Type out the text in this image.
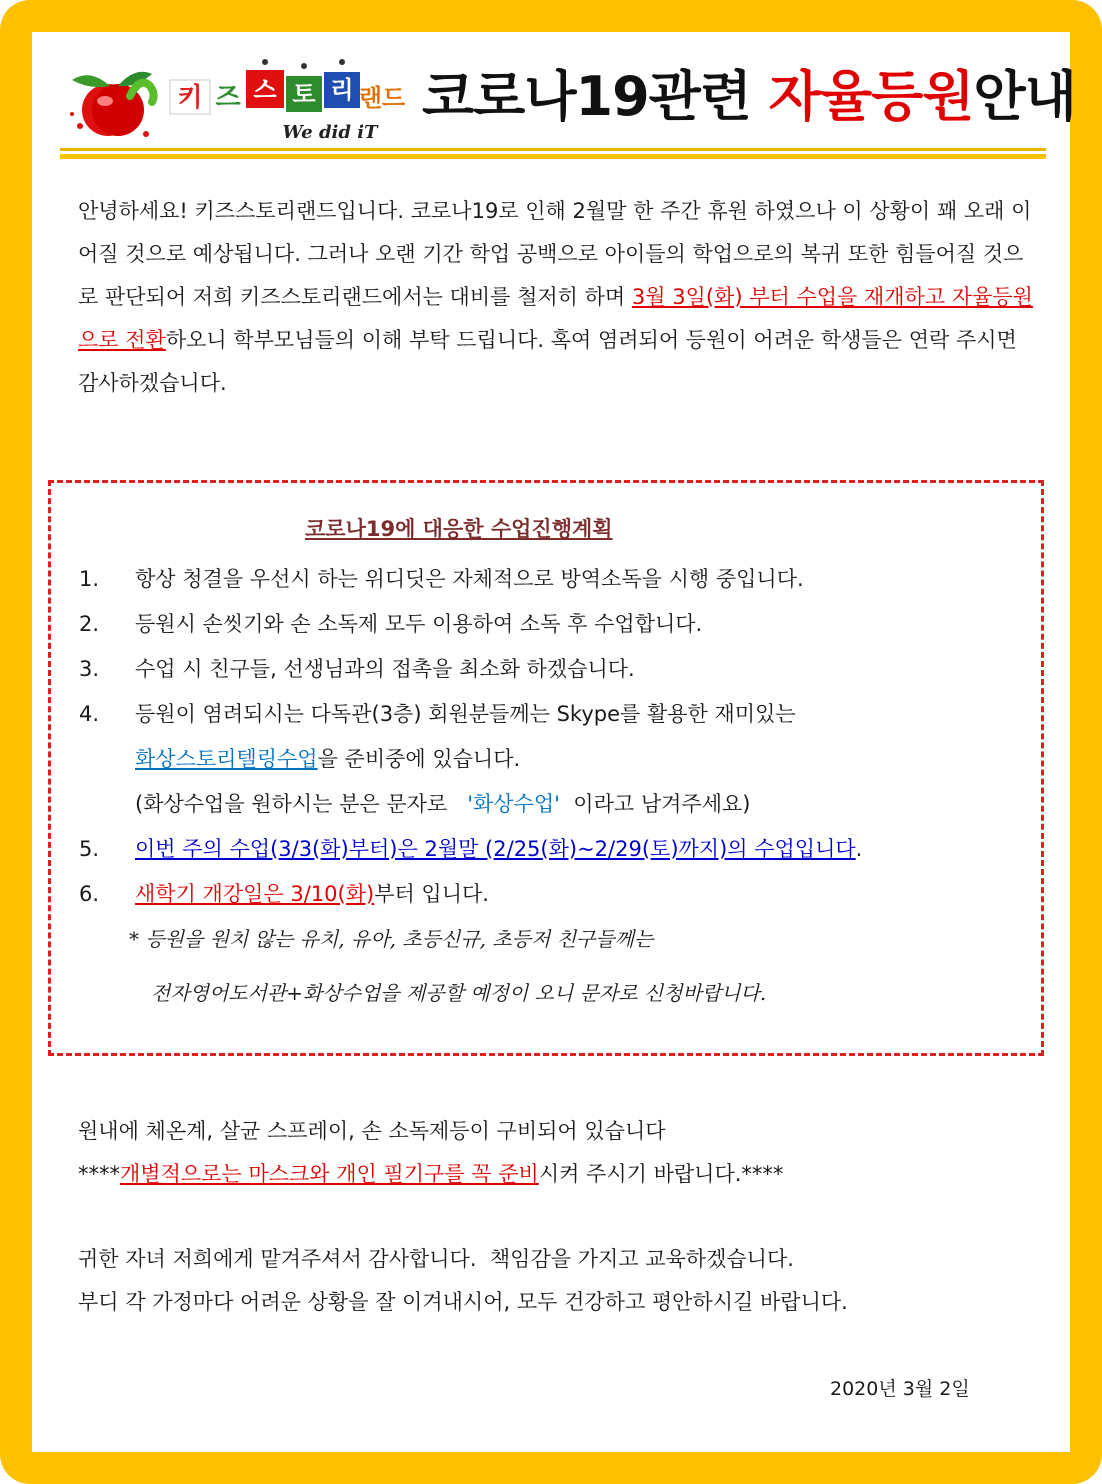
키 즈 스 토 리 랜드
We did iT
코로나19관련 자율등원안내
안녕하세요! 키즈스토리랜드입니다. 코로나19로 인해 2월말 한 주간 휴원 하였으나 이 상황이 꽤 오래 이어질 것으로 예상됩니다. 그러나 오랜 기간 학업 공백으로 아이들의 학업으로의 복귀 또한 힘들어질 것으로 판단되어 저희 키즈스토리랜드에서는 대비를 철저히 하며 3월 3일(화) 부터 수업을 재개하고 자율등원으로 전환하오니 학부모님들의 이해 부탁 드립니다. 혹여 염려되어 등원이 어려운 학생들은 연락 주시면 감사하겠습니다.
코로나19에 대응한 수업진행계획
1.	항상 청결을 우선시 하는 위디딧은 자체적으로 방역소독을 시행 중입니다.
2.	등원시 손씻기와 손 소독제 모두 이용하여 소독 후 수업합니다.
3.	수업 시 친구들, 선생님과의 접촉을 최소화 하겠습니다.
4.	등원이 염려되시는 다독관(3층) 회원분들께는 Skype를 활용한 재미있는
화상스토리텔링수업을 준비중에 있습니다.
(화상수업을 원하시는 분은 문자로   '화상수업'  이라고 남겨주세요)
5.	이번 주의 수업(3/3(화)부터)은 2월말 (2/25(화)~2/29(토)까지)의 수업입니다 .
6.	새학기 개강일은 3/10(화) 부터 입니다.
* 등원을 원치 않는 유치, 유아, 초등신규, 초등저 친구들께는
전자영어도서관+화상수업을 제공할 예정이 오니 문자로 신청바랍니다.
원내에 체온계, 살균 스프레이, 손 소독제등이 구비되어 있습니다
****개별적으로는 마스크와 개인 필기구를 꼭 준비시켜 주시기 바랍니다.****
귀한 자녀 저희에게 맡겨주셔서 감사합니다.  책임감을 가지고 교육하겠습니다.
부디 각 가정마다 어려운 상황을 잘 이겨내시어, 모두 건강하고 평안하시길 바랍니다.
2020년 3월 2일
